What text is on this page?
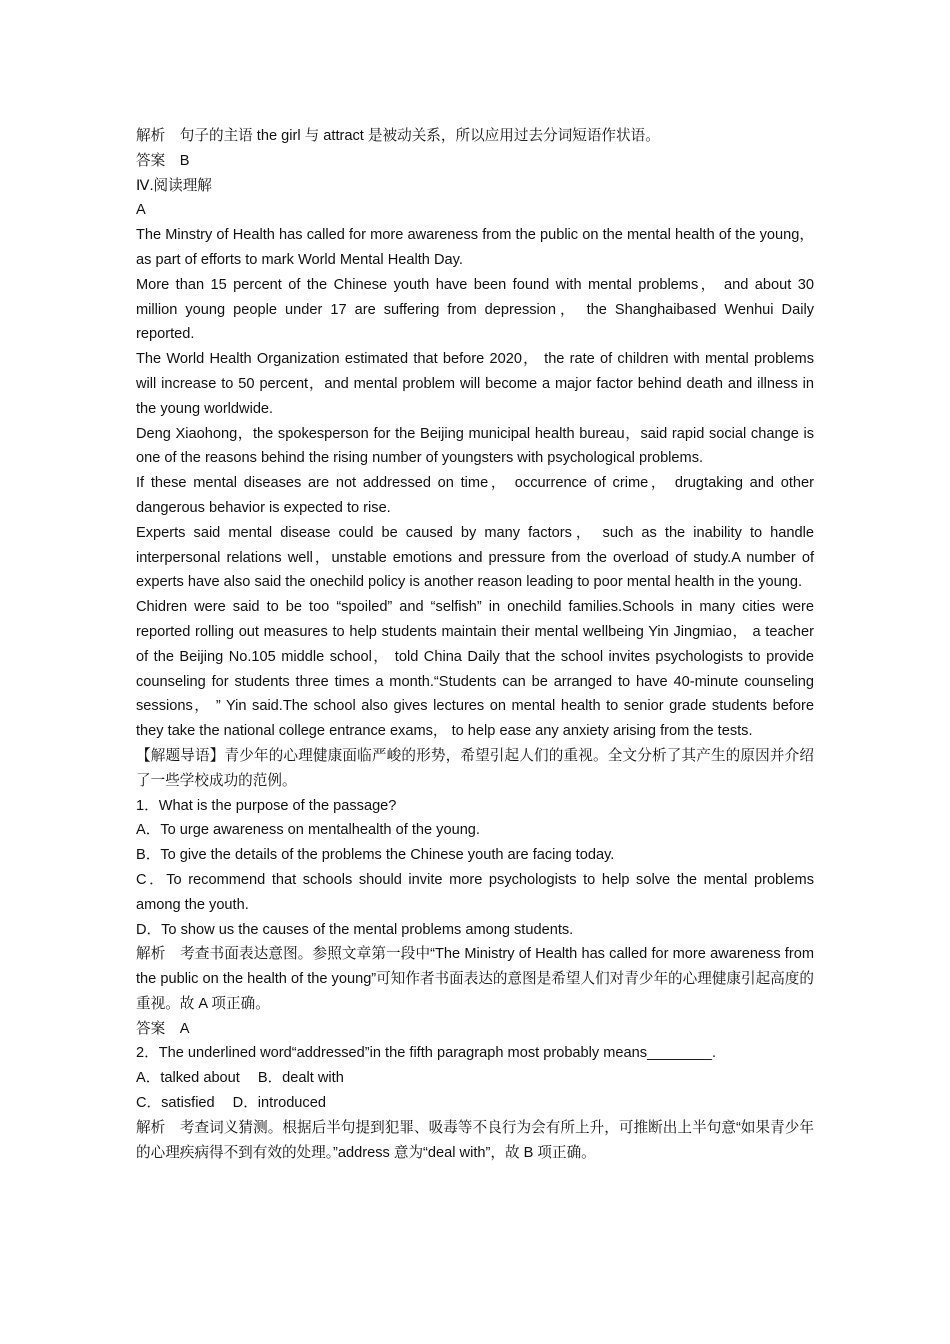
解析　句子的主语 the girl 与 attract 是被动关系，所以应用过去分词短语作状语。

答案　B

Ⅳ.阅读理解

A

The Minstry of Health has called for more awareness from the public on the mental health of the young， as part of efforts to mark World Mental Health Day.

More than 15 percent of the Chinese youth have been found with mental problems， and about 30 million young people under 17 are suffering from depression， the Shanghaibased Wenhui Daily reported.

The World Health Organization estimated that before 2020， the rate of children with mental problems will increase to 50 percent，and mental problem will become a major factor behind death and illness in the young worldwide.

Deng Xiaohong，the spokesperson for the Beijing municipal health bureau，said rapid social change is one of the reasons behind the rising number of youngsters with psychological problems.

If these mental diseases are not addressed on time， occurrence of crime， drugtaking and other dangerous behavior is expected to rise.

Experts said mental disease could be caused by many factors， such as the inability to handle interpersonal relations well，unstable emotions and pressure from the overload of study.A number of experts have also said the onechild policy is another reason leading to poor mental health in the young.

Chidren were said to be too “spoiled” and “selfish” in onechild families.Schools in many cities were reported rolling out measures to help students maintain their mental wellbeing Yin Jingmiao， a teacher of the Beijing No.105 middle school， told China Daily that the school invites psychologists to provide counseling for students three times a month.“Students can be arranged to have 40-minute counseling sessions， ” Yin said.The school also gives lectures on mental health to senior grade students before they take the national college entrance exams， to help ease any anxiety arising from the tests.

【解题导语】青少年的心理健康面临严峻的形势，希望引起人们的重视。全文分析了其产生的原因并介绍了一些学校成功的范例。

1．What is the purpose of the passage?

A．To urge awareness on mentalhealth of the young.

B．To give the details of the problems the Chinese youth are facing today.

C．To recommend that schools should invite more psychologists to help solve the mental problems among the youth.

D．To show us the causes of the mental problems among students.

解析　考查书面表达意图。参照文章第一段中“The Ministry of Health has called for more awareness from the public on the health of the young”可知作者书面表达的意图是希望人们对青少年的心理健康引起高度的重视。故 A 项正确。

答案　A

2．The underlined word“addressed”in the fifth paragraph most probably means________.

A．talked about B．dealt with

C．satisfied D．introduced

解析　考查词义猜测。根据后半句提到犯罪、吸毒等不良行为会有所上升，可推断出上半句意“如果青少年的心理疾病得不到有效的处理。”address 意为“deal with”，故 B 项正确。
